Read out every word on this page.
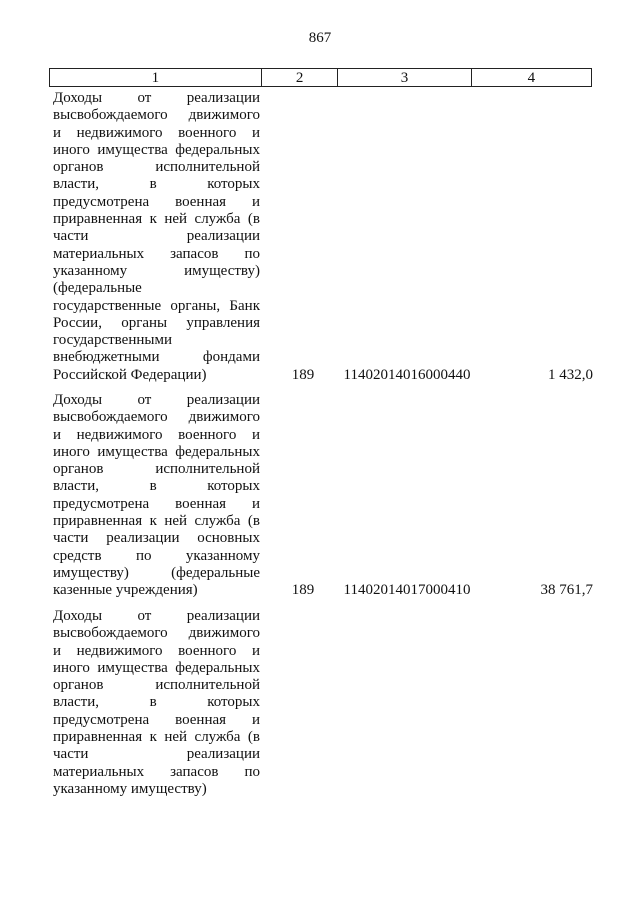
867
1	2	3	4
Доходы от реализации
высвобождаемого движимого
и недвижимого военного и
иного имущества федеральных
органов исполнительной
власти, в которых
предусмотрена военная и
приравненная к ней служба (в
части реализации
материальных запасов по
указанному имуществу)
(федеральные
государственные органы, Банк
России, органы управления
государственными
внебюджетными фондами
Российской Федерации)	189	11402014016000440	1 432,0
Доходы от реализации
высвобождаемого движимого
и недвижимого военного и
иного имущества федеральных
органов исполнительной
власти, в которых
предусмотрена военная и
приравненная к ней служба (в
части реализации основных
средств по указанному
имуществу) (федеральные
казенные учреждения)	189	11402014017000410	38 761,7
Доходы от реализации
высвобождаемого движимого
и недвижимого военного и
иного имущества федеральных
органов исполнительной
власти, в которых
предусмотрена военная и
приравненная к ней служба (в
части реализации
материальных запасов по
указанному имуществу)
